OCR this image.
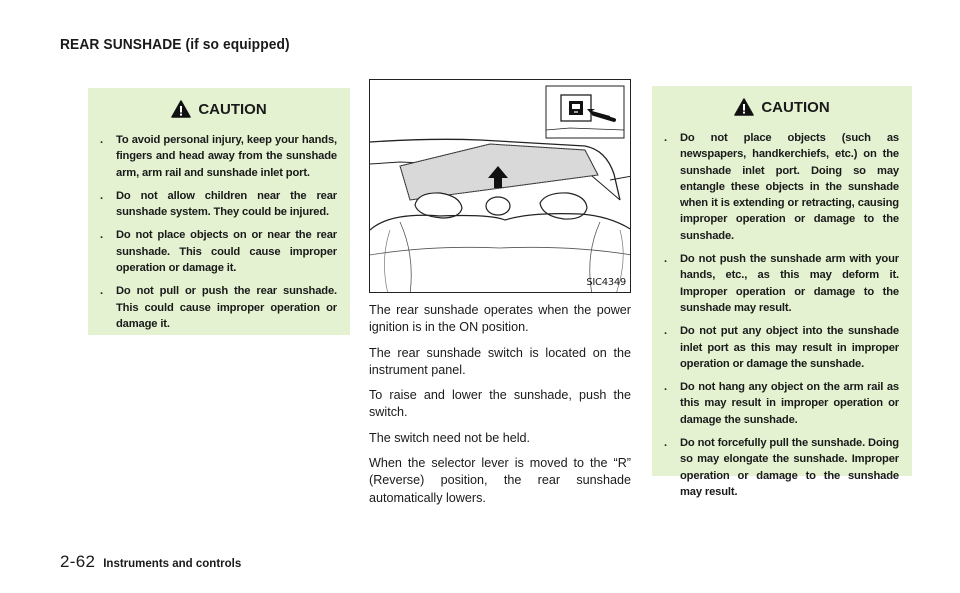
REAR SUNSHADE (if so equipped)
CAUTION
. To avoid personal injury, keep your hands, fingers and head away from the sunshade arm, arm rail and sunshade inlet port.
. Do not allow children near the rear sunshade system. They could be injured.
. Do not place objects on or near the rear sunshade. This could cause improper operation or damage it.
. Do not pull or push the rear sunshade. This could cause improper operation or damage it.
SIC4349

The rear sunshade operates when the power ignition is in the ON position.

The rear sunshade switch is located on the instrument panel.

To raise and lower the sunshade, push the switch.

The switch need not be held.

When the selector lever is moved to the “R” (Reverse) position, the rear sunshade automatically lowers.

CAUTION
. Do not place objects (such as newspapers, handkerchiefs, etc.) on the sunshade inlet port. Doing so may entangle these objects in the sunshade when it is extending or retracting, causing improper operation or damage to the sunshade.
. Do not push the sunshade arm with your hands, etc., as this may deform it. Improper operation or damage to the sunshade may result.
. Do not put any object into the sunshade inlet port as this may result in improper operation or damage the sunshade.
. Do not hang any object on the arm rail as this may result in improper operation or damage the sunshade.
. Do not forcefully pull the sunshade. Doing so may elongate the sunshade. Improper operation or damage to the sunshade may result.
2-62 Instruments and controls
